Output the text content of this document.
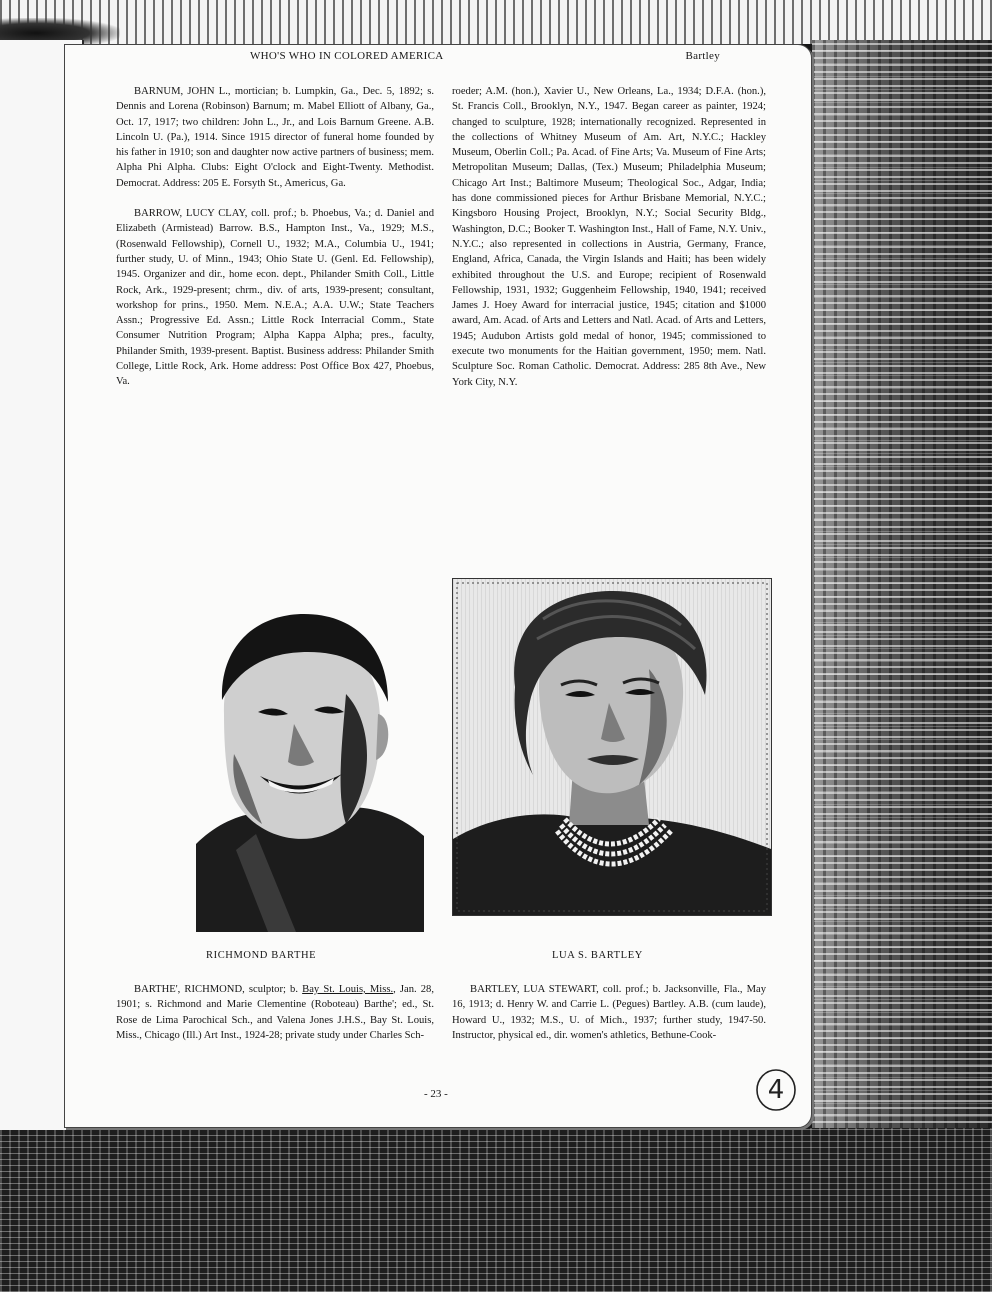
WHO'S WHO IN COLORED AMERICA	Bartley

BARNUM, JOHN L., mortician; b. Lumpkin, Ga., Dec. 5, 1892; s. Dennis and Lorena (Robinson) Barnum; m. Mabel Elliott of Albany, Ga., Oct. 17, 1917; two children: John L., Jr., and Lois Barnum Greene. A.B. Lincoln U. (Pa.), 1914. Since 1915 director of funeral home founded by his father in 1910; son and daughter now active partners of business; mem. Alpha Phi Alpha. Clubs: Eight O'clock and Eight-Twenty. Methodist. Democrat. Address: 205 E. Forsyth St., Americus, Ga.

BARROW, LUCY CLAY, coll. prof.; b. Phoebus, Va.; d. Daniel and Elizabeth (Armistead) Barrow. B.S., Hampton Inst., Va., 1929; M.S., (Rosenwald Fellowship), Cornell U., 1932; M.A., Columbia U., 1941; further study, U. of Minn., 1943; Ohio State U. (Genl. Ed. Fellowship), 1945. Organizer and dir., home econ. dept., Philander Smith Coll., Little Rock, Ark., 1929-present; chrm., div. of arts, 1939-present; consultant, workshop for prins., 1950. Mem. N.E.A.; A.A. U.W.; State Teachers Assn.; Progressive Ed. Assn.; Little Rock Interracial Comm., State Consumer Nutrition Program; Alpha Kappa Alpha; pres., faculty, Philander Smith, 1939-present. Baptist. Business address: Philander Smith College, Little Rock, Ark. Home address: Post Office Box 427, Phoebus, Va.

roeder; A.M. (hon.), Xavier U., New Orleans, La., 1934; D.F.A. (hon.), St. Francis Coll., Brooklyn, N.Y., 1947. Began career as painter, 1924; changed to sculpture, 1928; internationally recognized. Represented in the collections of Whitney Museum of Am. Art, N.Y.C.; Hackley Museum, Oberlin Coll.; Pa. Acad. of Fine Arts; Va. Museum of Fine Arts; Metropolitan Museum; Dallas, (Tex.) Museum; Philadelphia Museum; Chicago Art Inst.; Baltimore Museum; Theological Soc., Adgar, India; has done commissioned pieces for Arthur Brisbane Memorial, N.Y.C.; Kingsboro Housing Project, Brooklyn, N.Y.; Social Security Bldg., Washington, D.C.; Booker T. Washington Inst., Hall of Fame, N.Y. Univ., N.Y.C.; also represented in collections in Austria, Germany, France, England, Africa, Canada, the Virgin Islands and Haiti; has been widely exhibited throughout the U.S. and Europe; recipient of Rosenwald Fellowship, 1931, 1932; Guggenheim Fellowship, 1940, 1941; received James J. Hoey Award for interracial justice, 1945; citation and $1000 award, Am. Acad. of Arts and Letters and Natl. Acad. of Arts and Letters, 1945; Audubon Artists gold medal of honor, 1945; commissioned to execute two monuments for the Haitian government, 1950; mem. Natl. Sculpture Soc. Roman Catholic. Democrat. Address: 285 8th Ave., New York City, N.Y.

RICHMOND BARTHE	LUA S. BARTLEY

BARTHE', RICHMOND, sculptor; b. Bay St. Louis, Miss., Jan. 28, 1901; s. Richmond and Marie Clementine (Roboteau) Barthe'; ed., St. Rose de Lima Parochical Sch., and Valena Jones J.H.S., Bay St. Louis, Miss., Chicago (Ill.) Art Inst., 1924-28; private study under Charles Sch-

BARTLEY, LUA STEWART, coll. prof.; b. Jacksonville, Fla., May 16, 1913; d. Henry W. and Carrie L. (Pegues) Bartley. A.B. (cum laude), Howard U., 1932; M.S., U. of Mich., 1937; further study, 1947-50. Instructor, physical ed., dir. women's athletics, Bethune-Cook-

- 23 -	4
